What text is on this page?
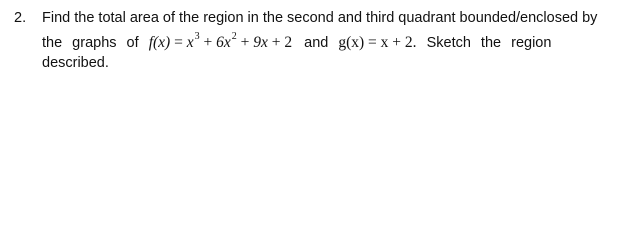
2. Find the total area of the region in the second and third quadrant bounded/enclosed by
the graphs of $f(x) = x^3 + 6x^2 + 9x + 2$ and g(x) = x + 2. Sketch the region
described.
